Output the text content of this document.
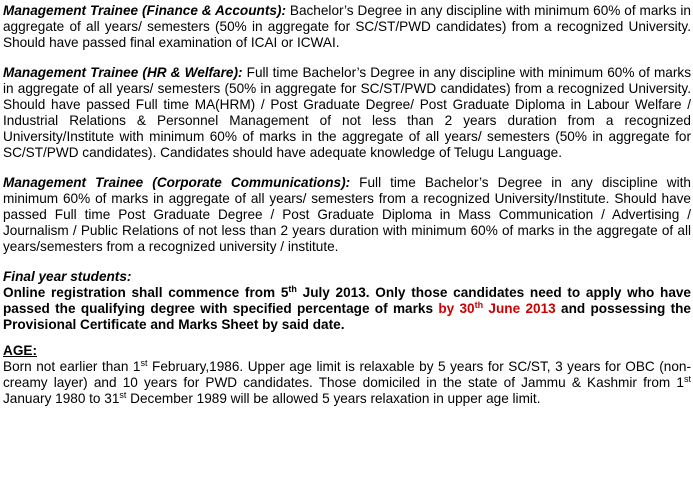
Management Trainee (Finance & Accounts): Bachelor’s Degree in any discipline with minimum 60% of marks in aggregate of all years/ semesters (50% in aggregate for SC/ST/PWD candidates) from a recognized University. Should have passed final examination of ICAI or ICWAI.

Management Trainee (HR & Welfare): Full time Bachelor’s Degree in any discipline with minimum 60% of marks in aggregate of all years/ semesters (50% in aggregate for SC/ST/PWD candidates) from a recognized University. Should have passed Full time MA(HRM) / Post Graduate Degree/ Post Graduate Diploma in Labour Welfare / Industrial Relations & Personnel Management of not less than 2 years duration from a recognized University/Institute with minimum 60% of marks in the aggregate of all years/ semesters (50% in aggregate for SC/ST/PWD candidates). Candidates should have adequate knowledge of Telugu Language.

Management Trainee (Corporate Communications): Full time Bachelor’s Degree in any discipline with minimum 60% of marks in aggregate of all years/ semesters from a recognized University/Institute. Should have passed Full time Post Graduate Degree / Post Graduate Diploma in Mass Communication / Advertising / Journalism / Public Relations of not less than 2 years duration with minimum 60% of marks in the aggregate of all years/semesters from a recognized university / institute.

Final year students:
Online registration shall commence from 5th July 2013. Only those candidates need to apply who have passed the qualifying degree with specified percentage of marks by 30th June 2013 and possessing the Provisional Certificate and Marks Sheet by said date.

AGE:
Born not earlier than 1st February,1986. Upper age limit is relaxable by 5 years for SC/ST, 3 years for OBC (non-creamy layer) and 10 years for PWD candidates. Those domiciled in the state of Jammu & Kashmir from 1st January 1980 to 31st December 1989 will be allowed 5 years relaxation in upper age limit.
